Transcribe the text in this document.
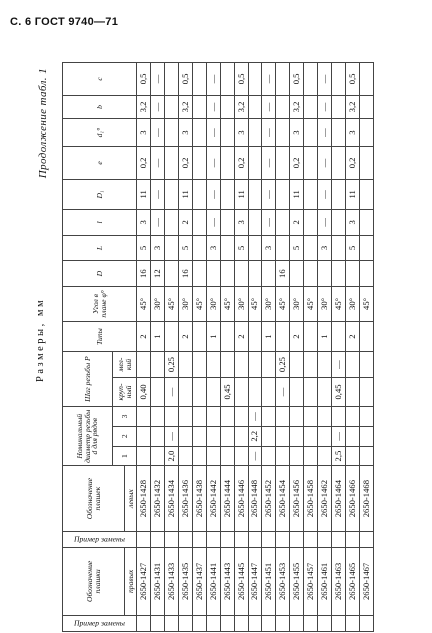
С. 6 ГОСТ 9740—71
Продолжение табл. 1
Размеры, мм
Пример замены	Обозначение плашки	Пример замены	Обозначение плашек	Номинальный диаметр резьбы d для рядов			Шаг резьбы P		Типы	Угол в плане φ°	D	L	l	D₁	e	d₁°	b	c
				1	2	3	круп-ный	мел-кий										
	правых		левых															
	2650-1427		2650-1428				0,40		2	45°	16	5	3	11	0,2	3	3,2	0,5
	2650-1431		2650-1432						1	30°	12	3	—	—	—	—	—	—
	2650-1433		2650-1434	2,0	—		—	0,25		45°								
	2650-1435		2650-1436						2	30°	16	5	2	11	0,2	3	3,2	0,5
	2650-1437		2650-1438							45°								
	2650-1441		2650-1442						1	30°		3	—	—	—	—	—	—
	2650-1443		2650-1444				0,45			45°								
	2650-1445		2650-1446						2	30°		5	3	11	0,2	3	3,2	0,5
	2650-1447		2650-1448	—	2,2	—				45°								
	2650-1451		2650-1452						1	30°		3	—	—	—	—	—	—
	2650-1453		2650-1454				—	0,25		45°	16							
	2650-1455		2650-1456						2	30°		5	2	11	0,2	3	3,2	0,5
	2650-1457		2650-1458							45°								
	2650-1461		2650-1462						1	30°		3	—	—	—	—	—	—
	2650-1463		2650-1464	2,5	—		0,45	—		45°								
	2650-1465		2650-1466						2	30°		5	3	11	0,2	3	3,2	0,5
	2650-1467		2650-1468							45°								
